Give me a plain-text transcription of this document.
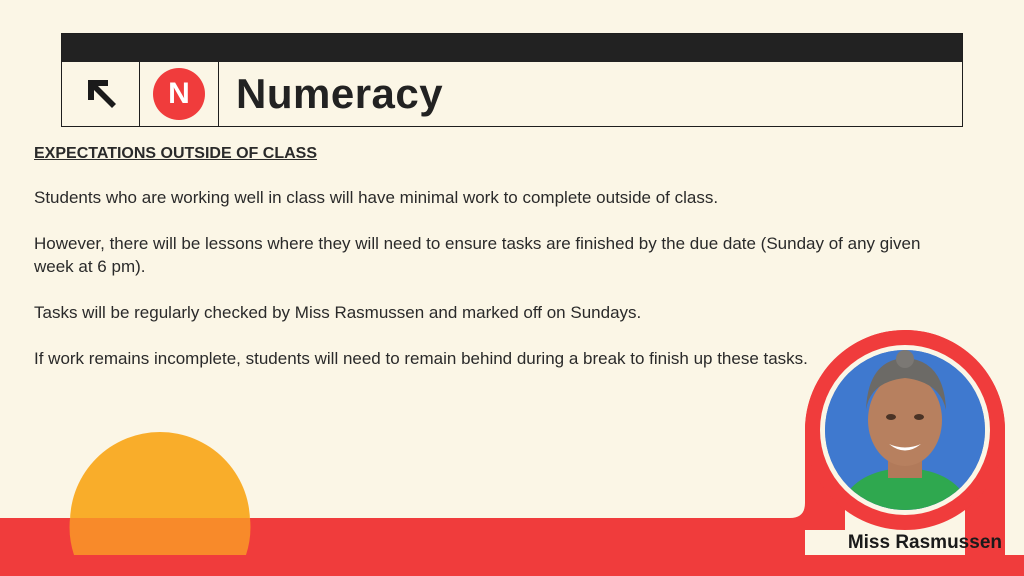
N	Numeracy
EXPECTATIONS OUTSIDE OF CLASS
Students who are working well in class will have minimal work to complete outside of class.
However, there will be lessons where they will need to ensure tasks are finished by the due date (Sunday of any given week at 6 pm).
Tasks will be regularly checked by Miss Rasmussen and marked off on Sundays.
If work remains incomplete, students will need to remain behind during a break to finish up these tasks.
Miss Rasmussen
